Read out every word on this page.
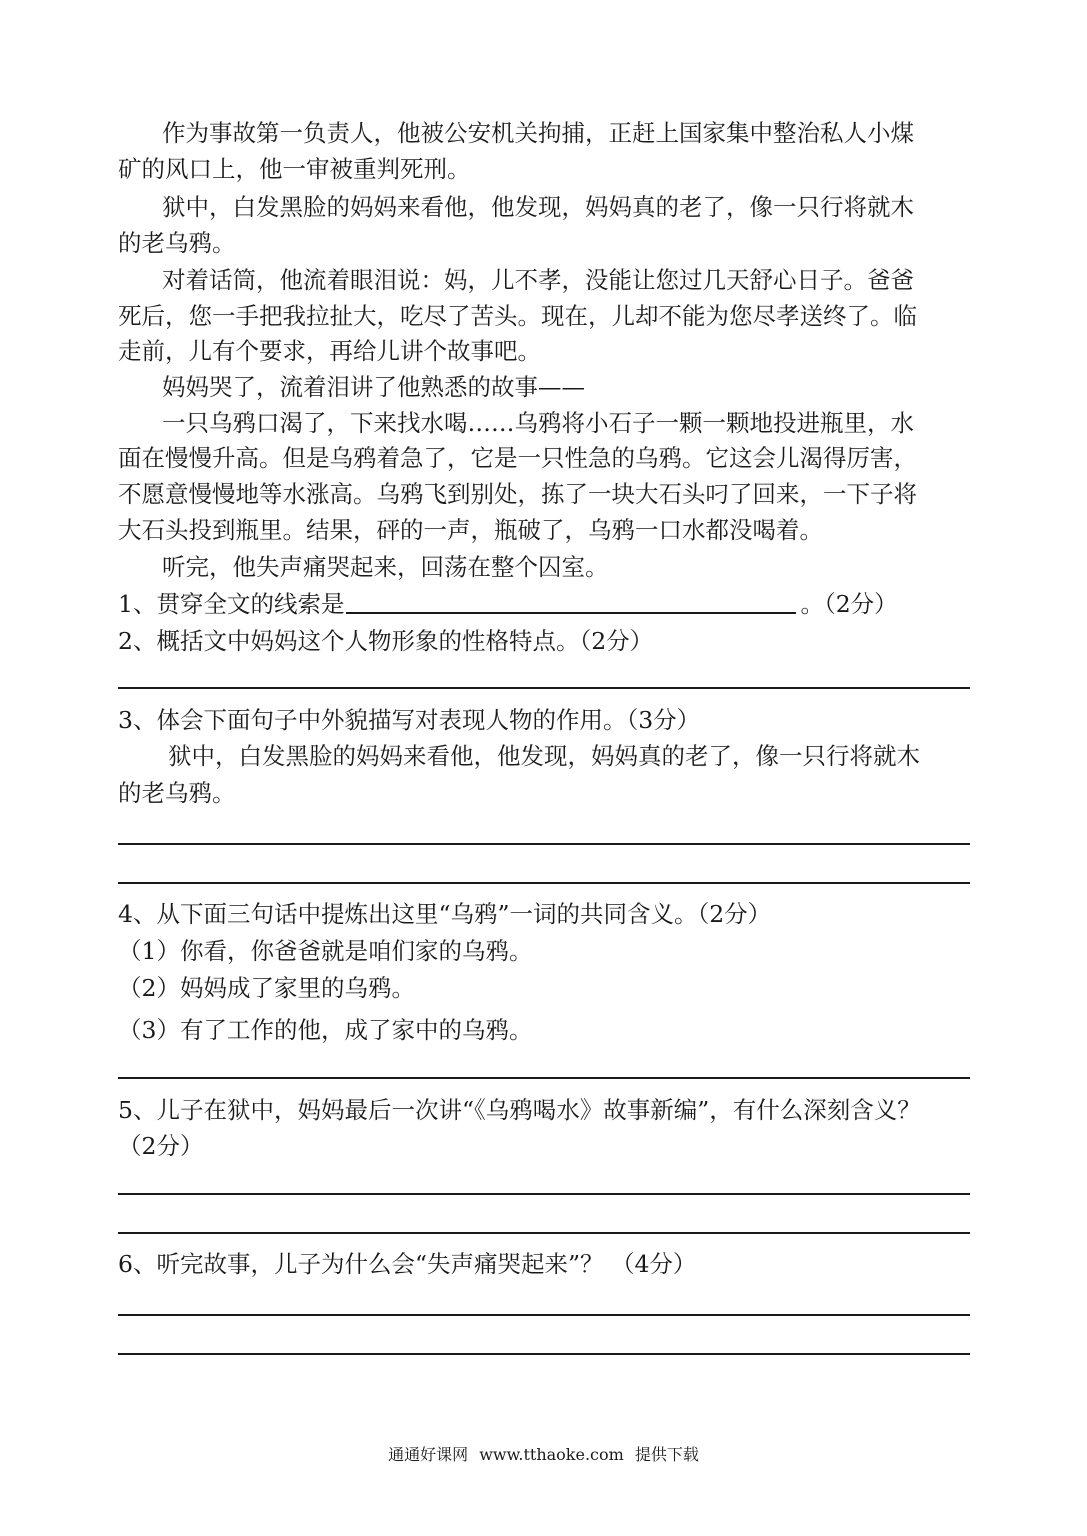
作为事故第一负责人，他被公安机关拘捕，正赶上国家集中整治私人小煤
矿的风口上，他一审被重判死刑。
狱中，白发黑脸的妈妈来看他，他发现，妈妈真的老了，像一只行将就木
的老乌鸦。
对着话筒，他流着眼泪说：妈，儿不孝，没能让您过几天舒心日子。爸爸
死后，您一手把我拉扯大，吃尽了苦头。现在，儿却不能为您尽孝送终了。临
走前，儿有个要求，再给儿讲个故事吧。
妈妈哭了，流着泪讲了他熟悉的故事——
一只乌鸦口渴了，下来找水喝……乌鸦将小石子一颗一颗地投进瓶里，水
面在慢慢升高。但是乌鸦着急了，它是一只性急的乌鸦。它这会儿渴得厉害，
不愿意慢慢地等水涨高。乌鸦飞到别处，拣了一块大石头叼了回来，一下子将
大石头投到瓶里。结果，砰的一声，瓶破了，乌鸦一口水都没喝着。
听完，他失声痛哭起来，回荡在整个囚室。
1、贯穿全文的线索是	。（2分）
2、概括文中妈妈这个人物形象的性格特点。（2分）
3、体会下面句子中外貌描写对表现人物的作用。（3分）
狱中，白发黑脸的妈妈来看他，他发现，妈妈真的老了，像一只行将就木
的老乌鸦。
4、从下面三句话中提炼出这里“乌鸦”一词的共同含义。（2分）
（1）你看，你爸爸就是咱们家的乌鸦。
（2）妈妈成了家里的乌鸦。
（3）有了工作的他，成了家中的乌鸦。
5、儿子在狱中，妈妈最后一次讲“《乌鸦喝水》故事新编”，有什么深刻含义？
（2分）
6、听完故事，儿子为什么会“失声痛哭起来”？ （4分）
通通好课网 www.tthaoke.com 提供下载
